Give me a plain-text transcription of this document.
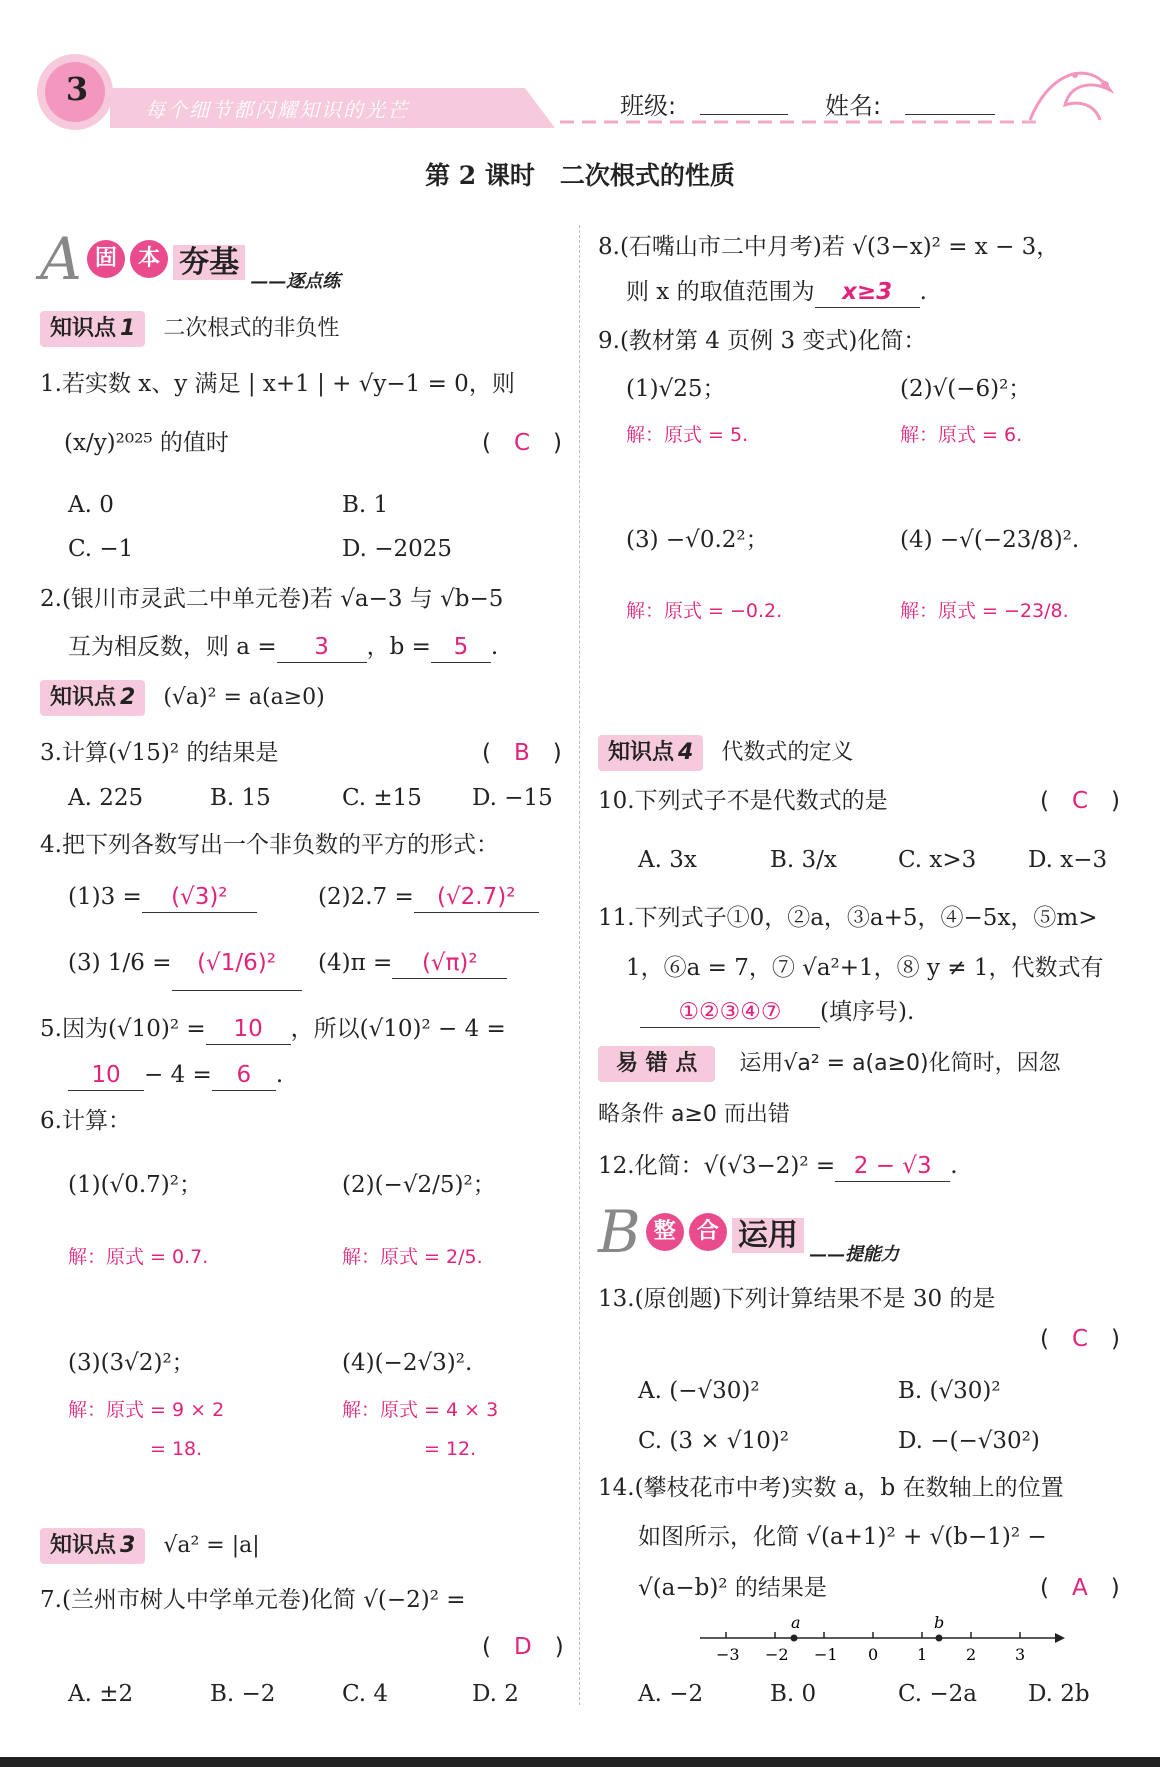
3
每个细节都闪耀知识的光芒	班级:	姓名:
第 2 课时　二次根式的性质
A 固 本 夯基 ——逐点练
知识点 1 二次根式的非负性
1.若实数 x、y 满足 | x+1 | + √y−1 = 0，则
(x/y)²⁰²⁵ 的值时	(　C　)
A. 0	B. 1
C. −1	D. −2025
2.(银川市灵武二中单元卷)若 √a−3 与 √b−5
互为相反数，则 a = 3 ，b = 5 .
知识点 2 (√a)² = a(a≥0)
3.计算(√15)² 的结果是	(　B　)
A. 225	B. 15	C. ±15 D. −15
4.把下列各数写出一个非负数的平方的形式：
(1)3 = (√3)²	(2)2.7 = (√2.7)²
(3) 1/6 = (√1/6)²	(4)π = (√π)²
5.因为(√10)² = 10 ，所以(√10)² − 4 =
10 − 4 = 6 .
6.计算：
(1)(√0.7)²；
解：原式 = 0.7.
(2)(−√2/5)²；
解：原式 = 2/5.
(3)(3√2)²；
解：原式 = 9 × 2
= 18.
(4)(−2√3)².
解：原式 = 4 × 3
= 12.
知识点 3 √a² = |a|
7.(兰州市树人中学单元卷)化简 √(−2)² =
(　D　)
A. ±2	B. −2	C. 4	D. 2
8.(石嘴山市二中月考)若 √(3−x)² = x − 3，
则 x 的取值范围为 x≥3 .
9.(教材第 4 页例 3 变式)化简：
(1)√25；
解：原式 = 5.
(2)√(−6)²；
解：原式 = 6.
(3) −√0.2²；
解：原式 = −0.2.
(4) −√(−23/8)².
解：原式 = −23/8.
知识点 4 代数式的定义
10.下列式子不是代数式的是	(　C　)
A. 3x	B. 3/x	C. x>3 D. x−3
11.下列式子①0，②a，③a+5，④−5x，⑤m>
1，⑥a = 7，⑦ √a²+1，⑧ y ≠ 1，代数式有
①②③④⑦ (填序号).
易 错 点 运用√a² = a(a≥0)化简时，因忽
略条件 a≥0 而出错
12.化简：√(√3−2)² = 2 − √3 .
B 整 合 运用 ——提能力
13.(原创题)下列计算结果不是 30 的是
(　C　)
A. (−√30)²	B. (√30)²
C. (3 × √10)²	D. −(−√30²)
14.(攀枝花市中考)实数 a，b 在数轴上的位置
如图所示，化简 √(a+1)² + √(b−1)² −
√(a−b)² 的结果是	(　A　)
a	b
−3 −2 −1 0 1 2 3
A. −2	B. 0	C. −2a D. 2b
